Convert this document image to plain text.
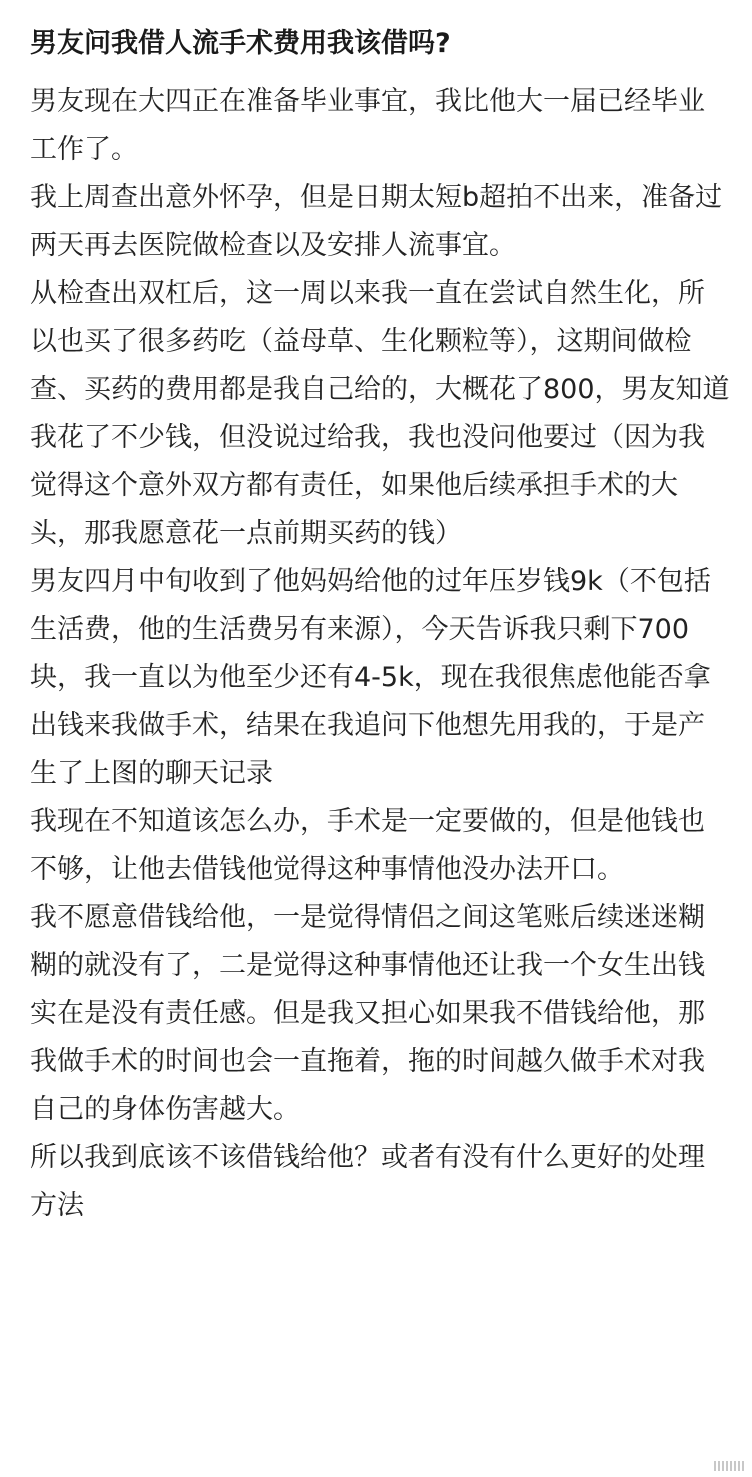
男友问我借人流手术费用我该借吗?

男友现在大四正在准备毕业事宜，我比他大一届已经毕业工作了。

我上周查出意外怀孕，但是日期太短b超拍不出来，准备过两天再去医院做检查以及安排人流事宜。

从检查出双杠后，这一周以来我一直在尝试自然生化，所以也买了很多药吃（益母草、生化颗粒等），这期间做检查、买药的费用都是我自己给的，大概花了800，男友知道我花了不少钱，但没说过给我，我也没问他要过（因为我觉得这个意外双方都有责任，如果他后续承担手术的大头，那我愿意花一点前期买药的钱）

男友四月中旬收到了他妈妈给他的过年压岁钱9k（不包括生活费，他的生活费另有来源），今天告诉我只剩下700块，我一直以为他至少还有4-5k，现在我很焦虑他能否拿出钱来我做手术，结果在我追问下他想先用我的，于是产生了上图的聊天记录

我现在不知道该怎么办，手术是一定要做的，但是他钱也不够，让他去借钱他觉得这种事情他没办法开口。

我不愿意借钱给他，一是觉得情侣之间这笔账后续迷迷糊糊的就没有了，二是觉得这种事情他还让我一个女生出钱实在是没有责任感。但是我又担心如果我不借钱给他，那我做手术的时间也会一直拖着，拖的时间越久做手术对我自己的身体伤害越大。

所以我到底该不该借钱给他？或者有没有什么更好的处理方法
